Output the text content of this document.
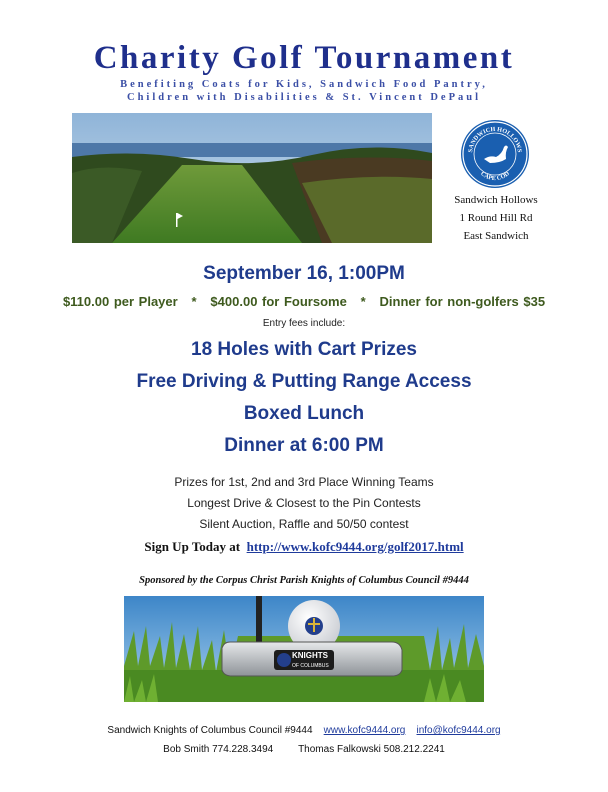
Charity Golf Tournament
Benefiting Coats for Kids, Sandwich Food Pantry,
Children with Disabilities & St. Vincent DePaul
SANDWICH HOLLOWS
CAPE COD
Sandwich Hollows
1 Round Hill Rd
East Sandwich
September 16, 1:00PM
$110.00 per Player   *   $400.00 for Foursome   *   Dinner for non-golfers $35
Entry fees include:
18 Holes with Cart Prizes
Free Driving & Putting Range Access
Boxed Lunch
Dinner at 6:00 PM
Prizes for 1st, 2nd and 3rd Place Winning Teams
Longest Drive & Closest to the Pin Contests
Silent Auction, Raffle and 50/50 contest
Sign Up Today at http://www.kofc9444.org/golf2017.html
Sponsored by the Corpus Christ Parish Knights of Columbus Council #9444
KNIGHTS
OF COLUMBUS
Sandwich Knights of Columbus Council #9444 www.kofc9444.org info@kofc9444.org
Bob Smith 774.228.3494 Thomas Falkowski 508.212.2241
